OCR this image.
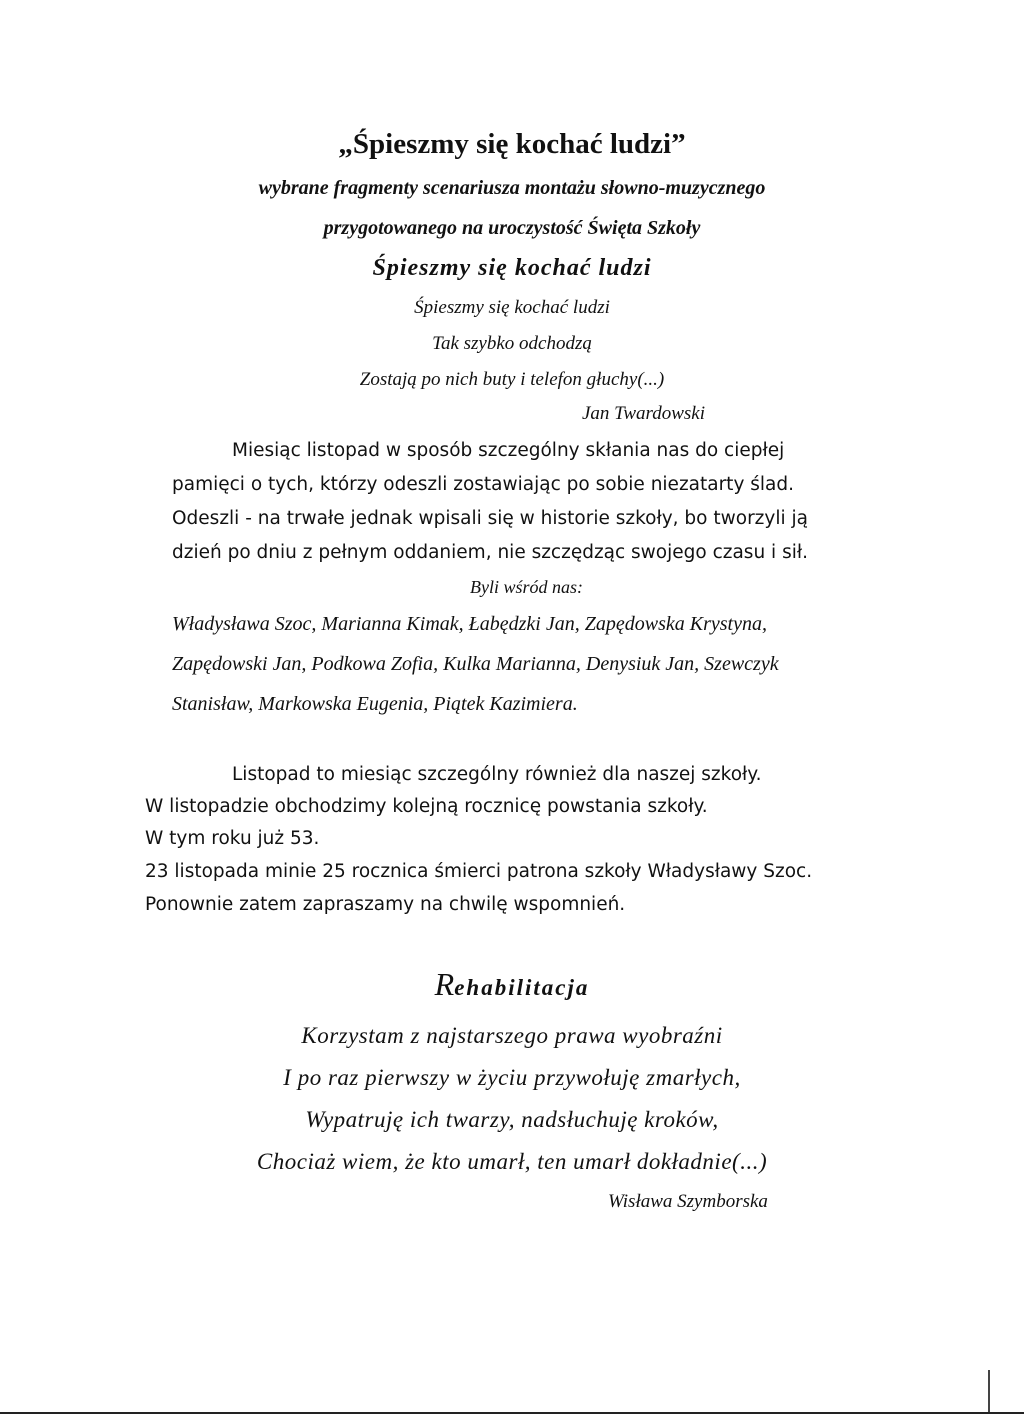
„Śpieszmy się kochać ludzi”
wybrane fragmenty scenariusza montażu słowno-muzycznego
przygotowanego na uroczystość Święta Szkoły
Śpieszmy się kochać ludzi
Śpieszmy się kochać ludzi
Tak szybko odchodzą
Zostają po nich buty i telefon głuchy(...)
Jan Twardowski
Miesiąc listopad w sposób szczególny skłania nas do ciepłej
pamięci o tych, którzy odeszli zostawiając po sobie niezatarty ślad.
Odeszli - na trwałe jednak wpisali się w historie szkoły, bo tworzyli ją
dzień po dniu z pełnym oddaniem, nie szczędząc swojego czasu i sił.
Byli wśród nas:
Władysława Szoc, Marianna Kimak, Łabędzki Jan, Zapędowska Krystyna,
Zapędowski Jan, Podkowa Zofia, Kulka Marianna, Denysiuk Jan, Szewczyk
Stanisław, Markowska Eugenia, Piątek Kazimiera.
Listopad to miesiąc szczególny również dla naszej szkoły.
W listopadzie obchodzimy kolejną rocznicę powstania szkoły.
W tym roku już 53.
23 listopada minie 25 rocznica śmierci patrona szkoły Władysławy Szoc.
Ponownie zatem zapraszamy na chwilę wspomnień.
Rehabilitacja
Korzystam z najstarszego prawa wyobraźni
I po raz pierwszy w życiu przywołuję zmarłych,
Wypatruję ich twarzy, nadsłuchuję kroków,
Chociaż wiem, że kto umarł, ten umarł dokładnie(...)
Wisława Szymborska
